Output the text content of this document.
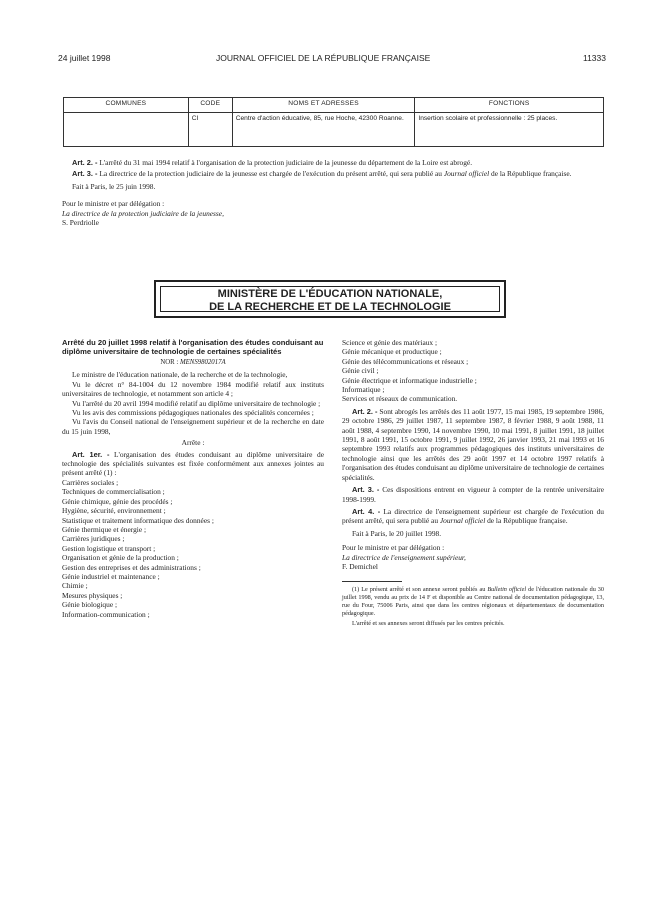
24 juillet 1998	JOURNAL OFFICIEL DE LA RÉPUBLIQUE FRANÇAISE	11333
COMMUNES	CODE	NOMS ET ADRESSES	FONCTIONS
	CI	Centre d'action éducative, 85, rue Hoche, 42300 Roanne.	Insertion scolaire et professionnelle : 25 places.

Art. 2. - L'arrêté du 31 mai 1994 relatif à l'organisation de la protection judiciaire de la jeunesse du département de la Loire est abrogé.

Art. 3. - La directrice de la protection judiciaire de la jeunesse est chargée de l'exécution du présent arrêté, qui sera publié au Journal officiel de la République française.

Fait à Paris, le 25 juin 1998.

Pour le ministre et par délégation :

La directrice de la protection judiciaire de la jeunesse,

S. Perdriolle

MINISTÈRE DE L'ÉDUCATION NATIONALE,
DE LA RECHERCHE ET DE LA TECHNOLOGIE

Arrêté du 20 juillet 1998 relatif à l'organisation des études conduisant au diplôme universitaire de technologie de certaines spécialités

NOR : MENS9802017A

Le ministre de l'éducation nationale, de la recherche et de la technologie,

Vu le décret n° 84-1004 du 12 novembre 1984 modifié relatif aux instituts universitaires de technologie, et notamment son article 4 ;

Vu l'arrêté du 20 avril 1994 modifié relatif au diplôme universitaire de technologie ;

Vu les avis des commissions pédagogiques nationales des spécialités concernées ;

Vu l'avis du Conseil national de l'enseignement supérieur et de la recherche en date du 15 juin 1998,

Arrête :

Art. 1er. - L'organisation des études conduisant au diplôme universitaire de technologie des spécialités suivantes est fixée conformément aux annexes jointes au présent arrêté (1) :

Carrières sociales ;

Techniques de commercialisation ;

Génie chimique, génie des procédés ;

Hygiène, sécurité, environnement ;

Statistique et traitement informatique des données ;

Génie thermique et énergie ;

Carrières juridiques ;

Gestion logistique et transport ;

Organisation et génie de la production ;

Gestion des entreprises et des administrations ;

Génie industriel et maintenance ;

Chimie ;

Mesures physiques ;

Génie biologique ;

Information-communication ;

Science et génie des matériaux ;

Génie mécanique et productique ;

Génie des télécommunications et réseaux ;

Génie civil ;

Génie électrique et informatique industrielle ;

Informatique ;

Services et réseaux de communication.

Art. 2. - Sont abrogés les arrêtés des 11 août 1977, 15 mai 1985, 19 septembre 1986, 29 octobre 1986, 29 juillet 1987, 11 septembre 1987, 8 février 1988, 9 août 1988, 11 août 1988, 4 septembre 1990, 14 novembre 1990, 10 mai 1991, 8 juillet 1991, 18 juillet 1991, 8 août 1991, 15 octobre 1991, 9 juillet 1992, 26 janvier 1993, 21 mai 1993 et 16 septembre 1993 relatifs aux programmes pédagogiques des instituts universitaires de technologie ainsi que les arrêtés des 29 août 1997 et 14 octobre 1997 relatifs à l'organisation des études conduisant au diplôme universitaire de technologie de certaines spécialités.

Art. 3. - Ces dispositions entrent en vigueur à compter de la rentrée universitaire 1998-1999.

Art. 4. - La directrice de l'enseignement supérieur est chargée de l'exécution du présent arrêté, qui sera publié au Journal officiel de la République française.

Fait à Paris, le 20 juillet 1998.

Pour le ministre et par délégation :

La directrice de l'enseignement supérieur,

F. Demichel

(1) Le présent arrêté et son annexe seront publiés au Bulletin officiel de l'éducation nationale du 30 juillet 1998, vendu au prix de 14 F et disponible au Centre national de documentation pédagogique, 13, rue du Four, 75006 Paris, ainsi que dans les centres régionaux et départementaux de documentation pédagogique.

L'arrêté et ses annexes seront diffusés par les centres précités.
